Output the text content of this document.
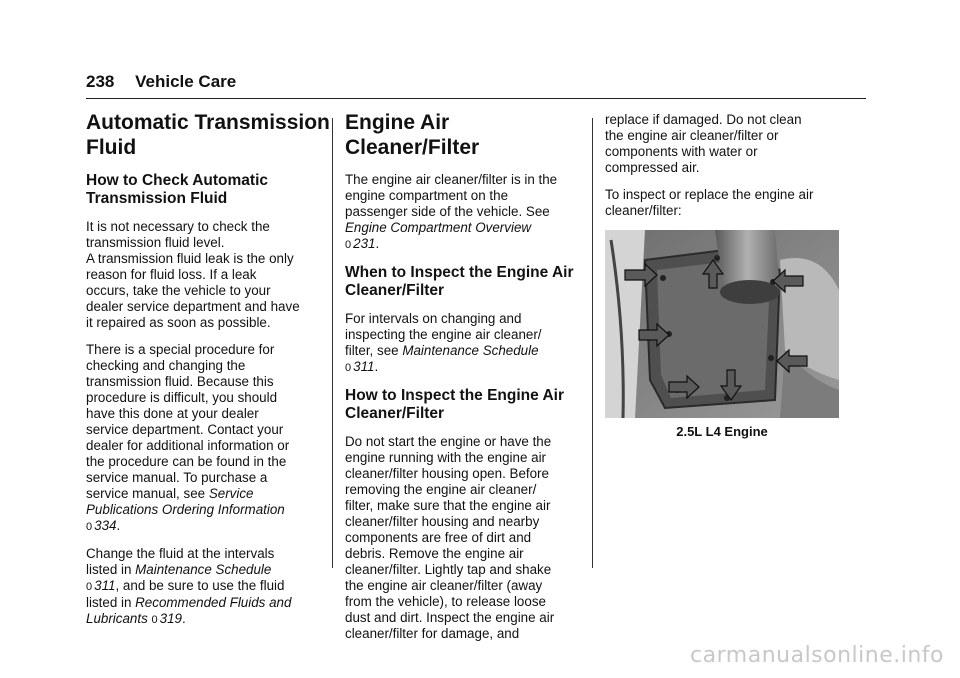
238 Vehicle Care
Automatic Transmission
Fluid
How to Check Automatic
Transmission Fluid

It is not necessary to check the
transmission fluid level.
A transmission fluid leak is the only
reason for fluid loss. If a leak
occurs, take the vehicle to your
dealer service department and have
it repaired as soon as possible.

There is a special procedure for
checking and changing the
transmission fluid. Because this
procedure is difficult, you should
have this done at your dealer
service department. Contact your
dealer for additional information or
the procedure can be found in the
service manual. To purchase a
service manual, see Service
Publications Ordering Information
0 334.

Change the fluid at the intervals
listed in Maintenance Schedule
0 311, and be sure to use the fluid
listed in Recommended Fluids and
Lubricants 0 319.

Engine Air Cleaner/Filter

The engine air cleaner/filter is in the
engine compartment on the
passenger side of the vehicle. See
Engine Compartment Overview
0 231.

When to Inspect the Engine Air
Cleaner/Filter

For intervals on changing and
inspecting the engine air cleaner/
filter, see Maintenance Schedule
0 311.

How to Inspect the Engine Air
Cleaner/Filter

Do not start the engine or have the
engine running with the engine air
cleaner/filter housing open. Before
removing the engine air cleaner/
filter, make sure that the engine air
cleaner/filter housing and nearby
components are free of dirt and
debris. Remove the engine air
cleaner/filter. Lightly tap and shake
the engine air cleaner/filter (away
from the vehicle), to release loose
dust and dirt. Inspect the engine air
cleaner/filter for damage, and

replace if damaged. Do not clean
the engine air cleaner/filter or
components with water or
compressed air.

To inspect or replace the engine air
cleaner/filter:

2.5L L4 Engine
carmanualsonline.info
